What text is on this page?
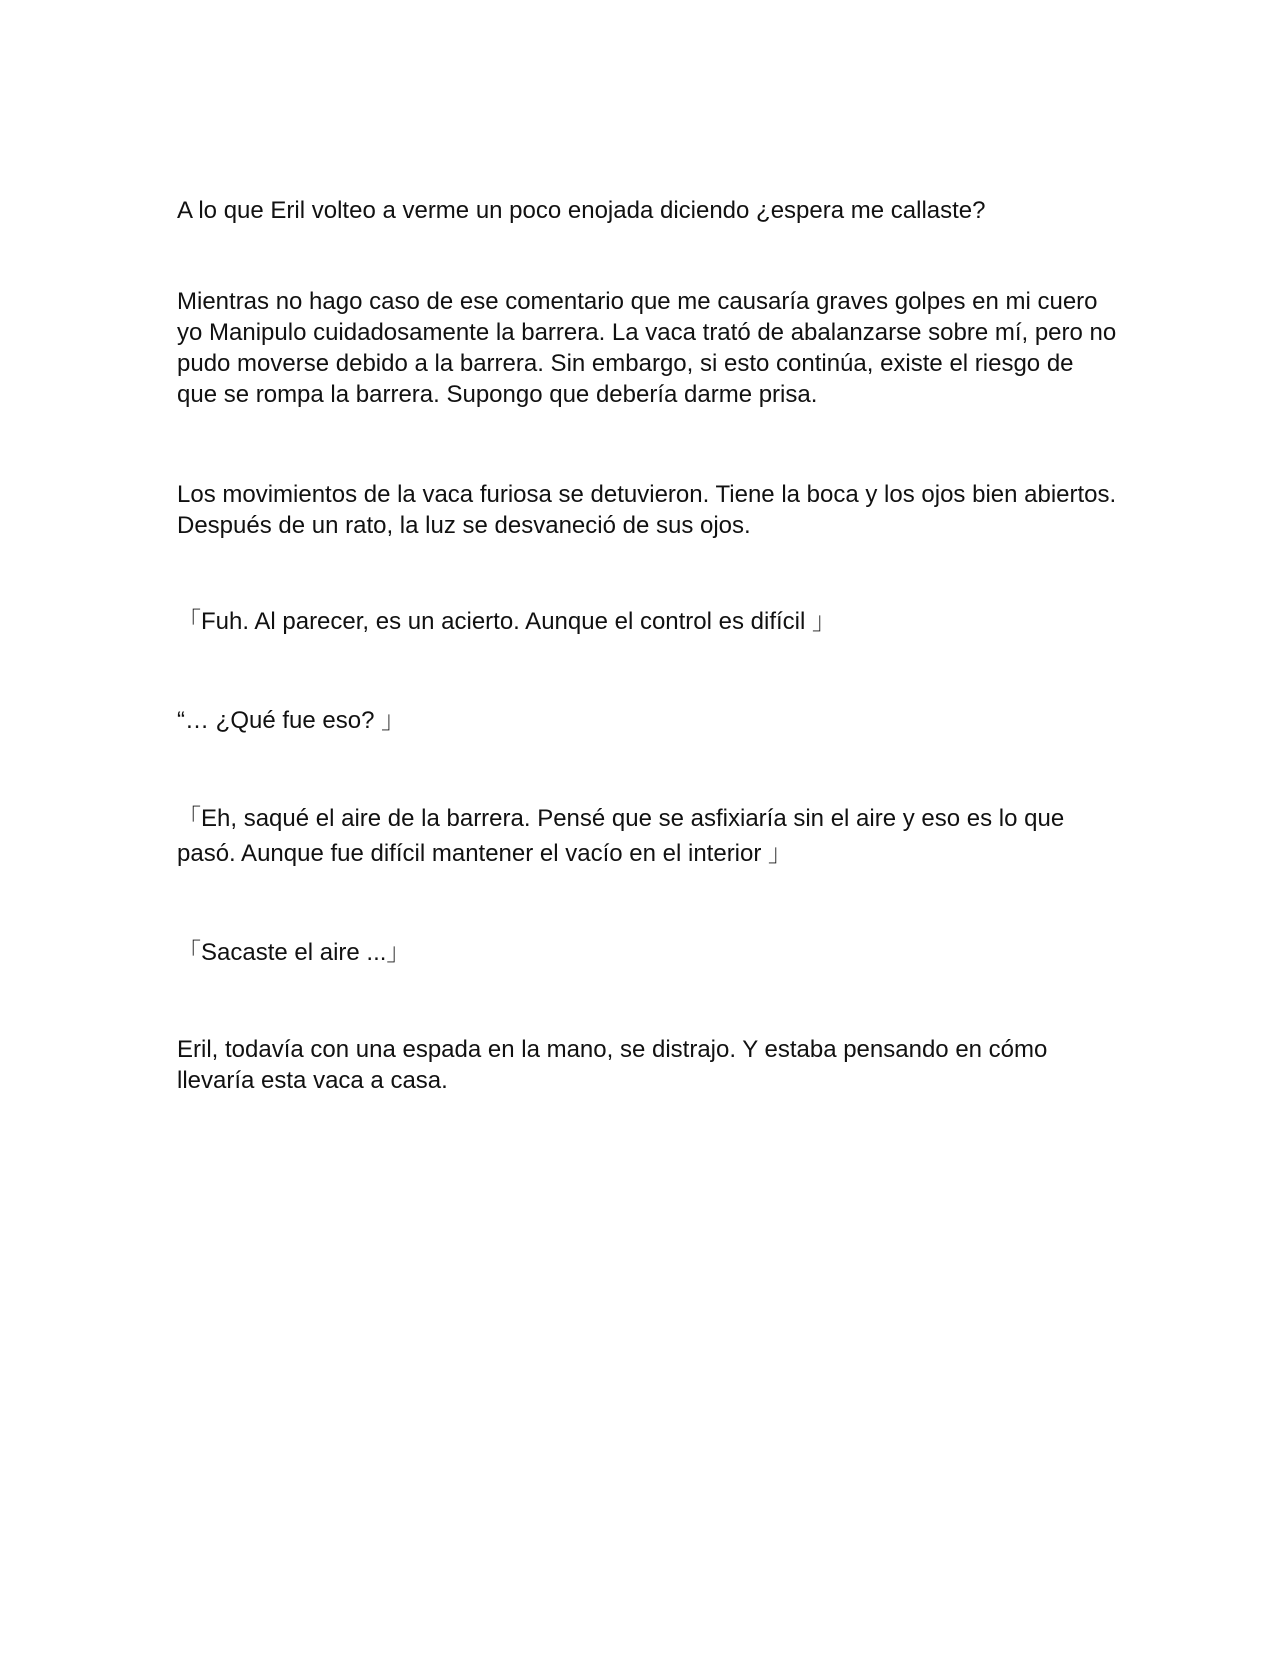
A lo que Eril volteo a verme un poco enojada diciendo ¿espera me callaste?

Mientras no hago caso de ese comentario que me causaría graves golpes en mi cuero yo Manipulo cuidadosamente la barrera. La vaca trató de abalanzarse sobre mí, pero no pudo moverse debido a la barrera. Sin embargo, si esto continúa, existe el riesgo de que se rompa la barrera. Supongo que debería darme prisa.

Los movimientos de la vaca furiosa se detuvieron. Tiene la boca y los ojos bien abiertos. Después de un rato, la luz se desvaneció de sus ojos.

「Fuh. Al parecer, es un acierto. Aunque el control es difícil 」

“… ¿Qué fue eso? 」

「Eh, saqué el aire de la barrera. Pensé que se asfixiaría sin el aire y eso es lo que pasó. Aunque fue difícil mantener el vacío en el interior 」

「Sacaste el aire ...」

Eril, todavía con una espada en la mano, se distrajo. Y estaba pensando en cómo llevaría esta vaca a casa.
